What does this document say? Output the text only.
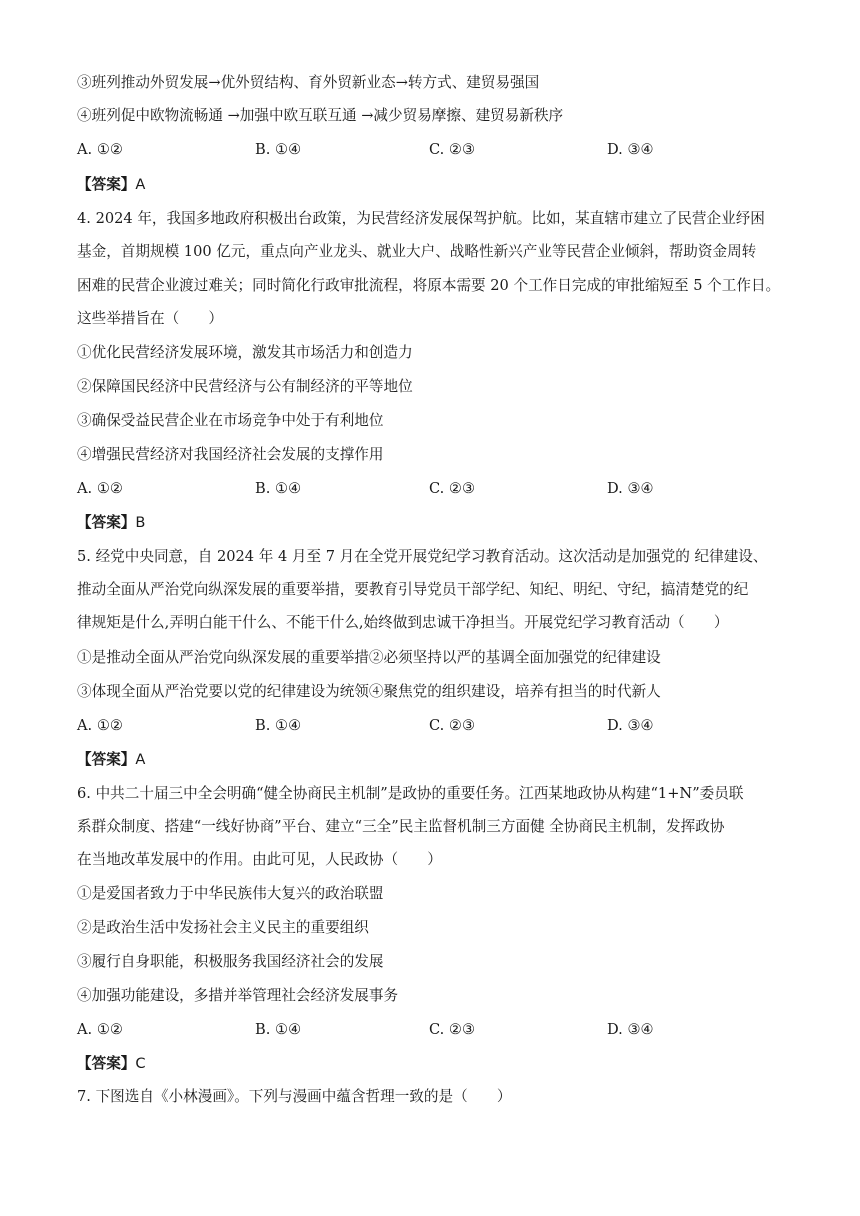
③班列推动外贸发展→优外贸结构、育外贸新业态→转方式、建贸易强国
④班列促中欧物流畅通 →加强中欧互联互通 →减少贸易摩擦、建贸易新秩序
A. ①②	B. ①④	C. ②③	D. ③④
【答案】A
4. 2024 年，我国多地政府积极出台政策，为民营经济发展保驾护航。比如，某直辖市建立了民营企业纾困
基金，首期规模 100 亿元，重点向产业龙头、就业大户、战略性新兴产业等民营企业倾斜，帮助资金周转
困难的民营企业渡过难关；同时简化行政审批流程，将原本需要 20 个工作日完成的审批缩短至 5 个工作日。
这些举措旨在（　　）
①优化民营经济发展环境，激发其市场活力和创造力
②保障国民经济中民营经济与公有制经济的平等地位
③确保受益民营企业在市场竞争中处于有利地位
④增强民营经济对我国经济社会发展的支撑作用
A. ①②	B. ①④	C. ②③	D. ③④
【答案】B
5. 经党中央同意，自 2024 年 4 月至 7 月在全党开展党纪学习教育活动。这次活动是加强党的 纪律建设、
推动全面从严治党向纵深发展的重要举措，要教育引导党员干部学纪、知纪、明纪、守纪，搞清楚党的纪
律规矩是什么,弄明白能干什么、不能干什么,始终做到忠诚干净担当。开展党纪学习教育活动（　　）
①是推动全面从严治党向纵深发展的重要举措②必须坚持以严的基调全面加强党的纪律建设
③体现全面从严治党要以党的纪律建设为统领④聚焦党的组织建设，培养有担当的时代新人
A. ①②	B. ①④	C. ②③	D. ③④
【答案】A
6. 中共二十届三中全会明确“健全协商民主机制”是政协的重要任务。江西某地政协从构建“1+N”委员联
系群众制度、搭建“一线好协商”平台、建立“三全”民主监督机制三方面健 全协商民主机制，发挥政协
在当地改革发展中的作用。由此可见，人民政协（　　）
①是爱国者致力于中华民族伟大复兴的政治联盟
②是政治生活中发扬社会主义民主的重要组织
③履行自身职能，积极服务我国经济社会的发展
④加强功能建设，多措并举管理社会经济发展事务
A. ①②	B. ①④	C. ②③	D. ③④
【答案】C
7. 下图选自《小林漫画》。下列与漫画中蕴含哲理一致的是（　　）
